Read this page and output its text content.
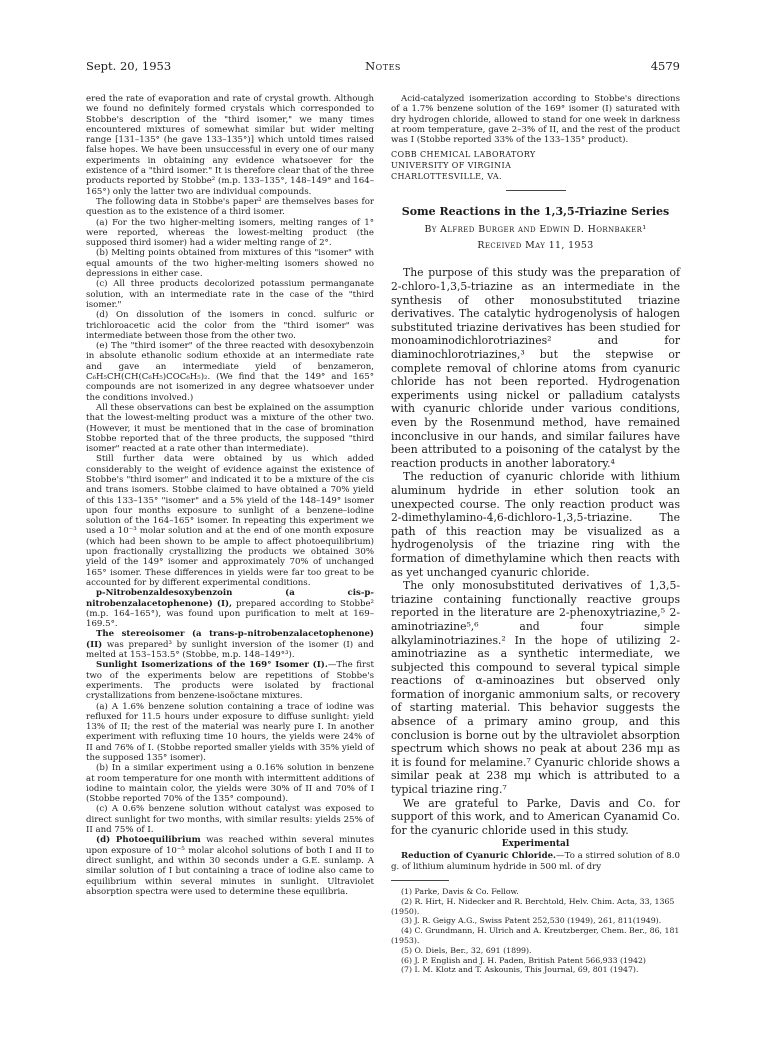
Sept. 20, 1953	Notes	4579

ered the rate of evaporation and rate of crystal growth. Although we found no definitely formed crystals which corresponded to Stobbe's description of the "third isomer," we many times encountered mixtures of somewhat similar but wider melting range [131–135° (he gave 133–135°)] which untold times raised false hopes. We have been unsuccessful in every one of our many experiments in obtaining any evidence whatsoever for the existence of a "third isomer." It is therefore clear that of the three products reported by Stobbe² (m.p. 133–135°, 148–149° and 164–165°) only the latter two are individual compounds.

The following data in Stobbe's paper² are themselves bases for question as to the existence of a third isomer.

(a) For the two higher-melting isomers, melting ranges of 1° were reported, whereas the lowest-melting product (the supposed third isomer) had a wider melting range of 2°.

(b) Melting points obtained from mixtures of this "isomer" with equal amounts of the two higher-melting isomers showed no depressions in either case.

(c) All three products decolorized potassium permanganate solution, with an intermediate rate in the case of the "third isomer."

(d) On dissolution of the isomers in concd. sulfuric or trichloroacetic acid the color from the "third isomer" was intermediate between those from the other two.

(e) The "third isomer" of the three reacted with desoxybenzoin in absolute ethanolic sodium ethoxide at an intermediate rate and gave an intermediate yield of benzameron, C₆H₅CH(CH(C₆H₅)COC₆H₅)₂. (We find that the 149° and 165° compounds are not isomerized in any degree whatsoever under the conditions involved.)

All these observations can best be explained on the assumption that the lowest-melting product was a mixture of the other two. (However, it must be mentioned that in the case of bromination Stobbe reported that of the three products, the supposed "third isomer" reacted at a rate other than intermediate).

Still further data were obtained by us which added considerably to the weight of evidence against the existence of Stobbe's "third isomer" and indicated it to be a mixture of the cis and trans isomers. Stobbe claimed to have obtained a 70% yield of this 133–135° "isomer" and a 5% yield of the 148–149° isomer upon four months exposure to sunlight of a benzene–iodine solution of the 164–165° isomer. In repeating this experiment we used a 10⁻³ molar solution and at the end of one month exposure (which had been shown to be ample to affect photoequilibrium) upon fractionally crystallizing the products we obtained 30% yield of the 149° isomer and approximately 70% of unchanged 165° isomer. These differences in yields were far too great to be accounted for by different experimental conditions.

p-Nitrobenzaldesoxybenzoin (a cis-p-nitrobenzalacetophenone) (I), prepared according to Stobbe² (m.p. 164–165°), was found upon purification to melt at 169–169.5°.

The stereoisomer (a trans-p-nitrobenzalacetophenone) (II) was prepared³ by sunlight inversion of the isomer (I) and melted at 153–153.5° (Stobbe, m.p. 148–149°³).

Sunlight Isomerizations of the 169° Isomer (I).—The first two of the experiments below are repetitions of Stobbe's experiments. The products were isolated by fractional crystallizations from benzene-isoöctane mixtures.

(a) A 1.6% benzene solution containing a trace of iodine was refluxed for 11.5 hours under exposure to diffuse sunlight: yield 13% of II; the rest of the material was nearly pure I. In another experiment with refluxing time 10 hours, the yields were 24% of II and 76% of I. (Stobbe reported smaller yields with 35% yield of the supposed 135° isomer).

(b) In a similar experiment using a 0.16% solution in benzene at room temperature for one month with intermittent additions of iodine to maintain color, the yields were 30% of II and 70% of I (Stobbe reported 70% of the 135° compound).

(c) A 0.6% benzene solution without catalyst was exposed to direct sunlight for two months, with similar results: yields 25% of II and 75% of I.

(d) Photoequilibrium was reached within several minutes upon exposure of 10⁻⁵ molar alcohol solutions of both I and II to direct sunlight, and within 30 seconds under a G.E. sunlamp. A similar solution of I but containing a trace of iodine also came to equilibrium within several minutes in sunlight. Ultraviolet absorption spectra were used to determine these equilibria.

Acid-catalyzed isomerization according to Stobbe's directions of a 1.7% benzene solution of the 169° isomer (I) saturated with dry hydrogen chloride, allowed to stand for one week in darkness at room temperature, gave 2–3% of II, and the rest of the product was I (Stobbe reported 33% of the 133–135° product).

COBB CHEMICAL LABORATORY
UNIVERSITY OF VIRGINIA
CHARLOTTESVILLE, VA.

Some Reactions in the 1,3,5-Triazine Series

By Alfred Burger and Edwin D. Hornbaker¹

Received May 11, 1953

The purpose of this study was the preparation of 2-chloro-1,3,5-triazine as an intermediate in the synthesis of other monosubstituted triazine derivatives. The catalytic hydrogenolysis of halogen substituted triazine derivatives has been studied for monoaminodichlorotriazines² and for diaminochlorotriazines,³ but the stepwise or complete removal of chlorine atoms from cyanuric chloride has not been reported. Hydrogenation experiments using nickel or palladium catalysts with cyanuric chloride under various conditions, even by the Rosenmund method, have remained inconclusive in our hands, and similar failures have been attributed to a poisoning of the catalyst by the reaction products in another laboratory.⁴

The reduction of cyanuric chloride with lithium aluminum hydride in ether solution took an unexpected course. The only reaction product was 2-dimethylamino-4,6-dichloro-1,3,5-triazine. The path of this reaction may be visualized as a hydrogenolysis of the triazine ring with the formation of dimethylamine which then reacts with as yet unchanged cyanuric chloride.

The only monosubstituted derivatives of 1,3,5-triazine containing functionally reactive groups reported in the literature are 2-phenoxytriazine,⁵ 2-aminotriazine⁵,⁶ and four simple alkylaminotriazines.² In the hope of utilizing 2-aminotriazine as a synthetic intermediate, we subjected this compound to several typical simple reactions of α-aminoazines but observed only formation of inorganic ammonium salts, or recovery of starting material. This behavior suggests the absence of a primary amino group, and this conclusion is borne out by the ultraviolet absorption spectrum which shows no peak at about 236 mμ as it is found for melamine.⁷ Cyanuric chloride shows a similar peak at 238 mμ which is attributed to a typical triazine ring.⁷

We are grateful to Parke, Davis and Co. for support of this work, and to American Cyanamid Co. for the cyanuric chloride used in this study.

Experimental

Reduction of Cyanuric Chloride.—To a stirred solution of 8.0 g. of lithium aluminum hydride in 500 ml. of dry

(1) Parke, Davis & Co. Fellow.

(2) R. Hirt, H. Nidecker and R. Berchtold, Helv. Chim. Acta, 33, 1365 (1950).

(3) J. R. Geigy A.G., Swiss Patent 252,530 (1949), 261, 811(1949).

(4) C. Grundmann, H. Ulrich and A. Kreutzberger, Chem. Ber., 86, 181 (1953).

(5) O. Diels, Ber., 32, 691 (1899).

(6) J. P. English and J. H. Paden, British Patent 566,933 (1942)

(7) I. M. Klotz and T. Askounis, This Journal, 69, 801 (1947).
